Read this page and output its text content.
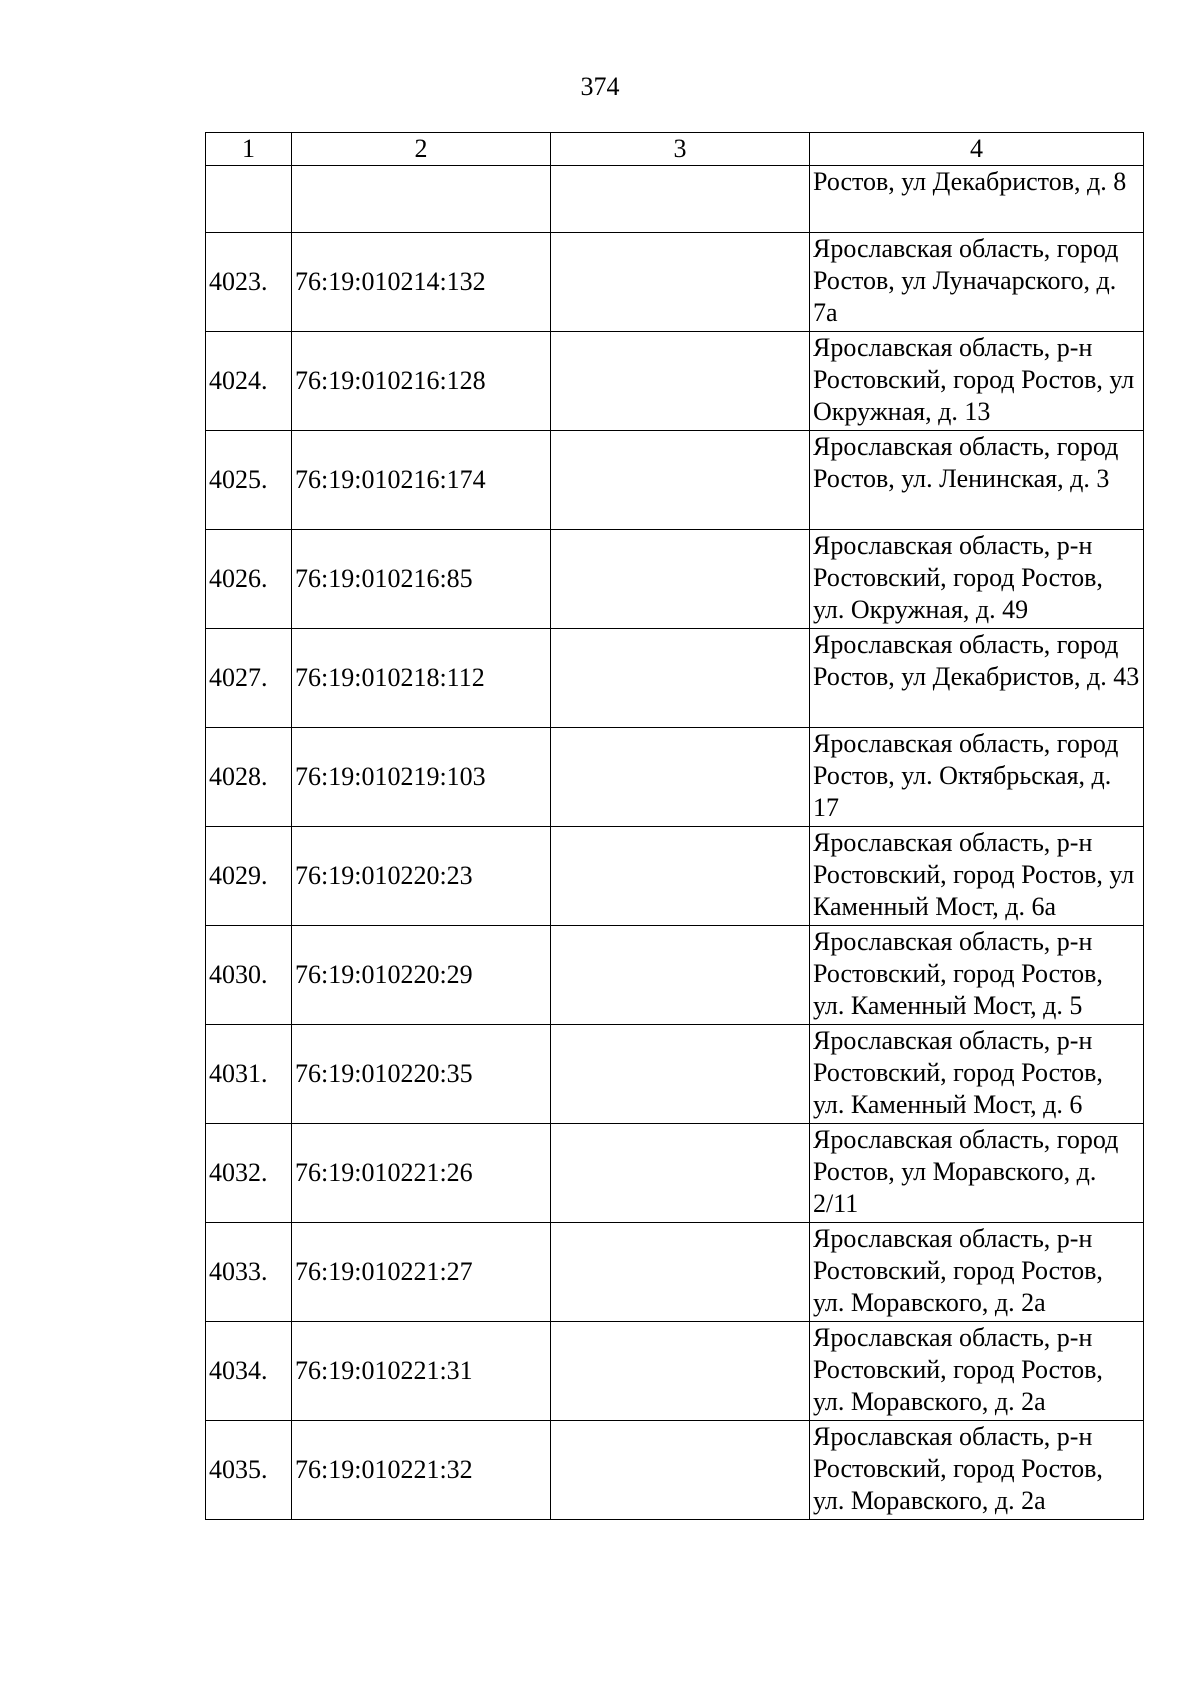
374
1	2	3	4
			Ростов, ул Декабристов, д. 8
4023.	76:19:010214:132		Ярославская область, город Ростов, ул Луначарского, д. 7а
4024.	76:19:010216:128		Ярославская область, р-н Ростовский, город Ростов, ул Окружная, д. 13
4025.	76:19:010216:174		Ярославская область, город Ростов, ул. Ленинская, д. 3
4026.	76:19:010216:85		Ярославская область, р-н Ростовский, город Ростов, ул. Окружная, д. 49
4027.	76:19:010218:112		Ярославская область, город Ростов, ул Декабристов, д. 43
4028.	76:19:010219:103		Ярославская область, город Ростов, ул. Октябрьская, д. 17
4029.	76:19:010220:23		Ярославская область, р-н Ростовский, город Ростов, ул Каменный Мост, д. 6а
4030.	76:19:010220:29		Ярославская область, р-н Ростовский, город Ростов, ул. Каменный Мост, д. 5
4031.	76:19:010220:35		Ярославская область, р-н Ростовский, город Ростов, ул. Каменный Мост, д. 6
4032.	76:19:010221:26		Ярославская область, город Ростов, ул Моравского, д. 2/11
4033.	76:19:010221:27		Ярославская область, р-н Ростовский, город Ростов, ул. Моравского, д. 2а
4034.	76:19:010221:31		Ярославская область, р-н Ростовский, город Ростов, ул. Моравского, д. 2а
4035.	76:19:010221:32		Ярославская область, р-н Ростовский, город Ростов, ул. Моравского, д. 2а
